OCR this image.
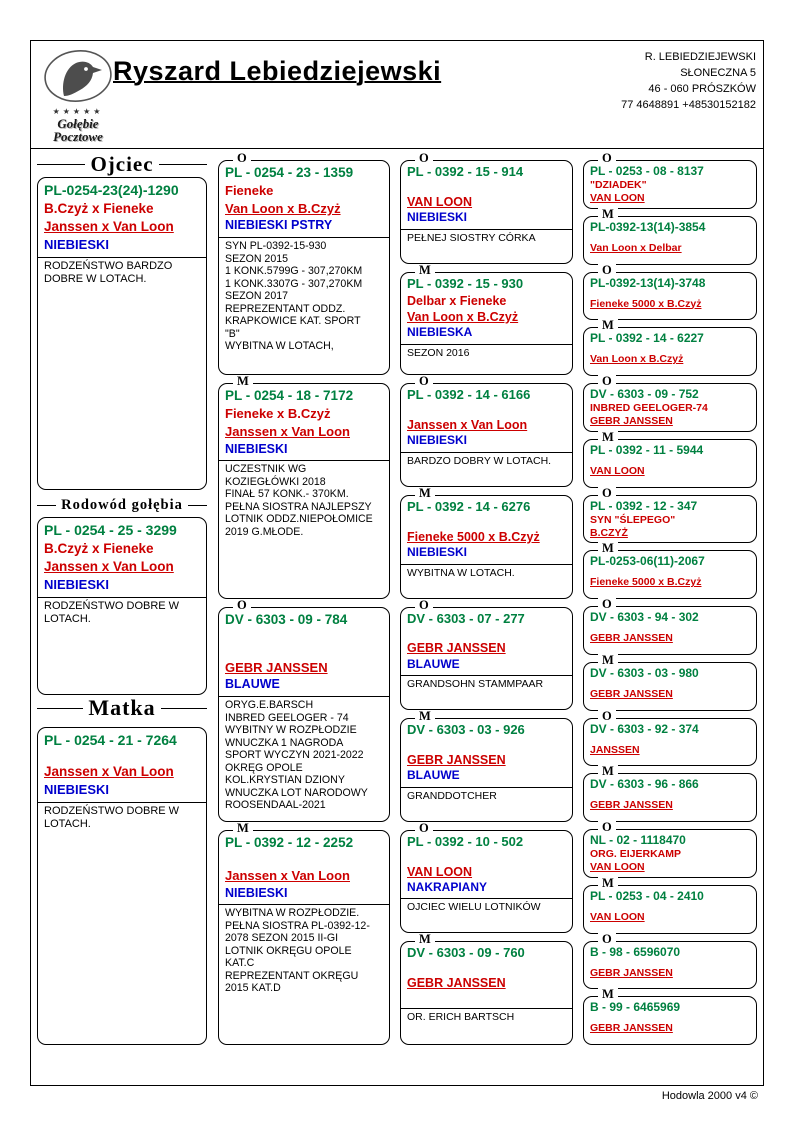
★★★★★
Gołębie
Pocztowe
Ryszard Lebiedziejewski	R. LEBIEDZIEJEWSKI
SŁONECZNA 5
46 - 060 PRÓSZKÓW
77 4648891 +48530152182
Ojciec
PL-0254-23(24)-1290
B.Czyż x Fieneke
Janssen x Van Loon
NIEBIESKI
RODZEŃSTWO BARDZO
DOBRE W LOTACH.
Rodowód gołębia
PL - 0254 - 25 - 3299
B.Czyż x Fieneke
Janssen x Van Loon
NIEBIESKI
RODZEŃSTWO DOBRE W
LOTACH.
Matka
PL - 0254 - 21 - 7264
Janssen x Van Loon
NIEBIESKI
RODZEŃSTWO DOBRE W
LOTACH.
O
PL - 0254 - 23 - 1359
Fieneke
Van Loon x B.Czyż
NIEBIESKI PSTRY
SYN PL-0392-15-930
SEZON 2015
1 KONK.5799G - 307,270KM
1 KONK.3307G - 307,270KM
SEZON 2017
REPREZENTANT ODDZ.
KRAPKOWICE KAT. SPORT
"B"
WYBITNA W LOTACH,
M
PL - 0254 - 18 - 7172
Fieneke x B.Czyż
Janssen x Van Loon
NIEBIESKI
UCZESTNIK WG
KOZIEGŁÓWKI 2018
FINAŁ 57 KONK.- 370KM.
PEŁNA SIOSTRA NAJLEPSZY
LOTNIK ODDZ.NIEPOŁOMICE
2019 G.MŁODE.
O
DV - 6303 - 09 - 784
GEBR JANSSEN
BLAUWE
ORYG.E.BARSCH
INBRED GEELOGER - 74
WYBITNY W ROZPŁODZIE
WNUCZKA 1 NAGRODA
SPORT WYCZYN 2021-2022
OKRĘG OPOLE
KOL.KRYSTIAN DZIONY
WNUCZKA LOT NARODOWY
ROOSENDAAL-2021
M
PL - 0392 - 12 - 2252
Janssen x Van Loon
NIEBIESKI
WYBITNA W ROZPŁODZIE.
PEŁNA SIOSTRA PL-0392-12-
2078 SEZON 2015 II-GI
LOTNIK OKRĘGU OPOLE
KAT.C
REPREZENTANT OKRĘGU
2015 KAT.D
O
PL - 0392 - 15 - 914
VAN LOON
NIEBIESKI
PEŁNEJ SIOSTRY CÓRKA
M
PL - 0392 - 15 - 930
Delbar x Fieneke
Van Loon x B.Czyż
NIEBIESKA
SEZON 2016
O
PL - 0392 - 14 - 6166
Janssen x Van Loon
NIEBIESKI
BARDZO DOBRY W LOTACH.
M
PL - 0392 - 14 - 6276
Fieneke 5000 x B.Czyż
NIEBIESKI
WYBITNA W LOTACH.
O
DV - 6303 - 07 - 277
GEBR JANSSEN
BLAUWE
GRANDSOHN STAMMPAAR
M
DV - 6303 - 03 - 926
GEBR JANSSEN
BLAUWE
GRANDDOTCHER
O
PL - 0392 - 10 - 502
VAN LOON
NAKRAPIANY
OJCIEC WIELU LOTNIKÓW
M
DV - 6303 - 09 - 760
GEBR JANSSEN
OR. ERICH BARTSCH
O
PL - 0253 - 08 - 8137
"DZIADEK"
VAN LOON
M
PL-0392-13(14)-3854
Van Loon x Delbar
O
PL-0392-13(14)-3748
Fieneke 5000 x B.Czyż
M
PL - 0392 - 14 - 6227
Van Loon x B.Czyż
O
DV - 6303 - 09 - 752
INBRED GEELOGER-74
GEBR JANSSEN
M
PL - 0392 - 11 - 5944
VAN LOON
O
PL - 0392 - 12 - 347
SYN "ŚLEPEGO"
B.CZYŻ
M
PL-0253-06(11)-2067
Fieneke 5000 x B.Czyż
O
DV - 6303 - 94 - 302
GEBR JANSSEN
M
DV - 6303 - 03 - 980
GEBR JANSSEN
O
DV - 6303 - 92 - 374
JANSSEN
M
DV - 6303 - 96 - 866
GEBR JANSSEN
O
NL - 02 - 1118470
ORG. EIJERKAMP
VAN LOON
M
PL - 0253 - 04 - 2410
VAN LOON
O
B - 98 - 6596070
GEBR JANSSEN
M
B - 99 - 6465969
GEBR JANSSEN
Hodowla 2000 v4 ©
